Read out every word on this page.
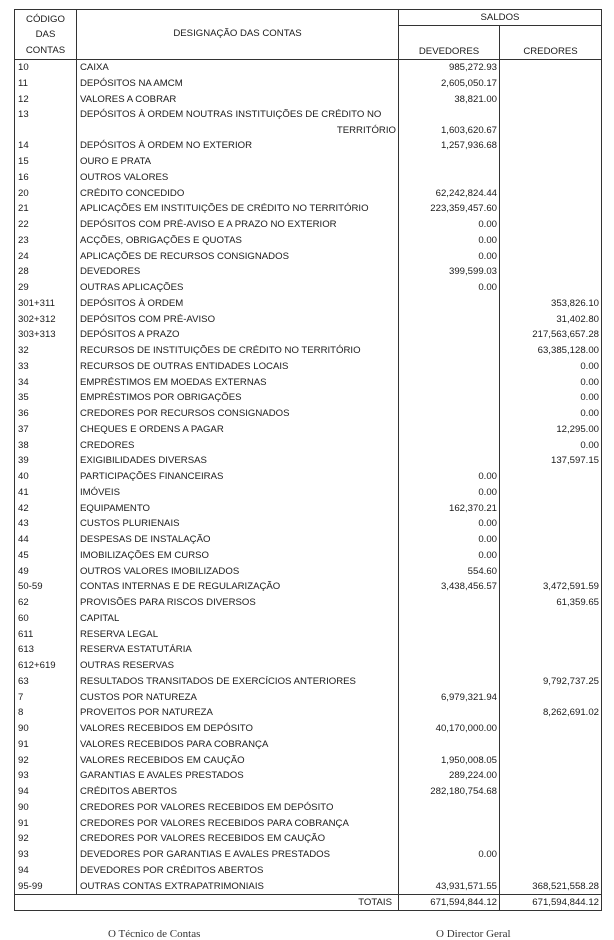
CÓDIGO
DAS
CONTAS	DESIGNAÇÃO DAS CONTAS	SALDOS	
		DEVEDORES	CREDORES
10	CAIXA	985,272.93	
11	DEPÓSITOS NA AMCM	2,605,050.17	
12	VALORES A COBRAR	38,821.00	
13	DEPÓSITOS À ORDEM NOUTRAS INSTITUIÇÕES DE CRÉDITO NO
TERRITÓRIO	1,603,620.67	
14	DEPÓSITOS À ORDEM NO EXTERIOR	1,257,936.68	
15	OURO E PRATA		
16	OUTROS VALORES		
20	CRÉDITO CONCEDIDO	62,242,824.44	
21	APLICAÇÕES EM INSTITUIÇÕES DE CRÉDITO NO TERRITÓRIO	223,359,457.60	
22	DEPÓSITOS COM PRÉ-AVISO E A PRAZO NO EXTERIOR	0.00	
23	ACÇÕES, OBRIGAÇÕES E QUOTAS	0.00	
24	APLICAÇÕES DE RECURSOS CONSIGNADOS	0.00	
28	DEVEDORES	399,599.03	
29	OUTRAS APLICAÇÕES	0.00	
301+311	DEPÓSITOS À ORDEM		353,826.10
302+312	DEPÓSITOS COM PRÉ-AVISO		31,402.80
303+313	DEPÓSITOS A PRAZO		217,563,657.28
32	RECURSOS DE INSTITUIÇÕES DE CRÉDITO NO TERRITÓRIO		63,385,128.00
33	RECURSOS DE OUTRAS ENTIDADES LOCAIS		0.00
34	EMPRÉSTIMOS EM MOEDAS EXTERNAS		0.00
35	EMPRÉSTIMOS POR OBRIGAÇÕES		0.00
36	CREDORES POR RECURSOS CONSIGNADOS		0.00
37	CHEQUES E ORDENS A PAGAR		12,295.00
38	CREDORES		0.00
39	EXIGIBILIDADES DIVERSAS		137,597.15
40	PARTICIPAÇÕES FINANCEIRAS	0.00	
41	IMÓVEIS	0.00	
42	EQUIPAMENTO	162,370.21	
43	CUSTOS PLURIENAIS	0.00	
44	DESPESAS DE INSTALAÇÃO	0.00	
45	IMOBILIZAÇÕES EM CURSO	0.00	
49	OUTROS VALORES IMOBILIZADOS	554.60	
50-59	CONTAS INTERNAS E DE REGULARIZAÇÃO	3,438,456.57	3,472,591.59
62	PROVISÕES PARA RISCOS DIVERSOS		61,359.65
60	CAPITAL		
611	RESERVA LEGAL		
613	RESERVA ESTATUTÁRIA		
612+619	OUTRAS RESERVAS		
63	RESULTADOS TRANSITADOS DE EXERCÍCIOS ANTERIORES		9,792,737.25
7	CUSTOS POR NATUREZA	6,979,321.94	
8	PROVEITOS POR NATUREZA		8,262,691.02
90	VALORES RECEBIDOS EM DEPÓSITO	40,170,000.00	
91	VALORES RECEBIDOS PARA COBRANÇA		
92	VALORES RECEBIDOS EM CAUÇÃO	1,950,008.05	
93	GARANTIAS E AVALES PRESTADOS	289,224.00	
94	CRÉDITOS ABERTOS	282,180,754.68	
90	CREDORES POR VALORES RECEBIDOS EM DEPÓSITO		
91	CREDORES POR VALORES RECEBIDOS PARA COBRANÇA		
92	CREDORES POR VALORES RECEBIDOS EM CAUÇÃO		
93	DEVEDORES POR GARANTIAS E AVALES PRESTADOS	0.00	
94	DEVEDORES POR CRÉDITOS ABERTOS		
95-99	OUTRAS CONTAS EXTRAPATRIMONIAIS	43,931,571.55	368,521,558.28
TOTAIS		671,594,844.12	671,594,844.12
O Técnico de Contas	O Director Geral
